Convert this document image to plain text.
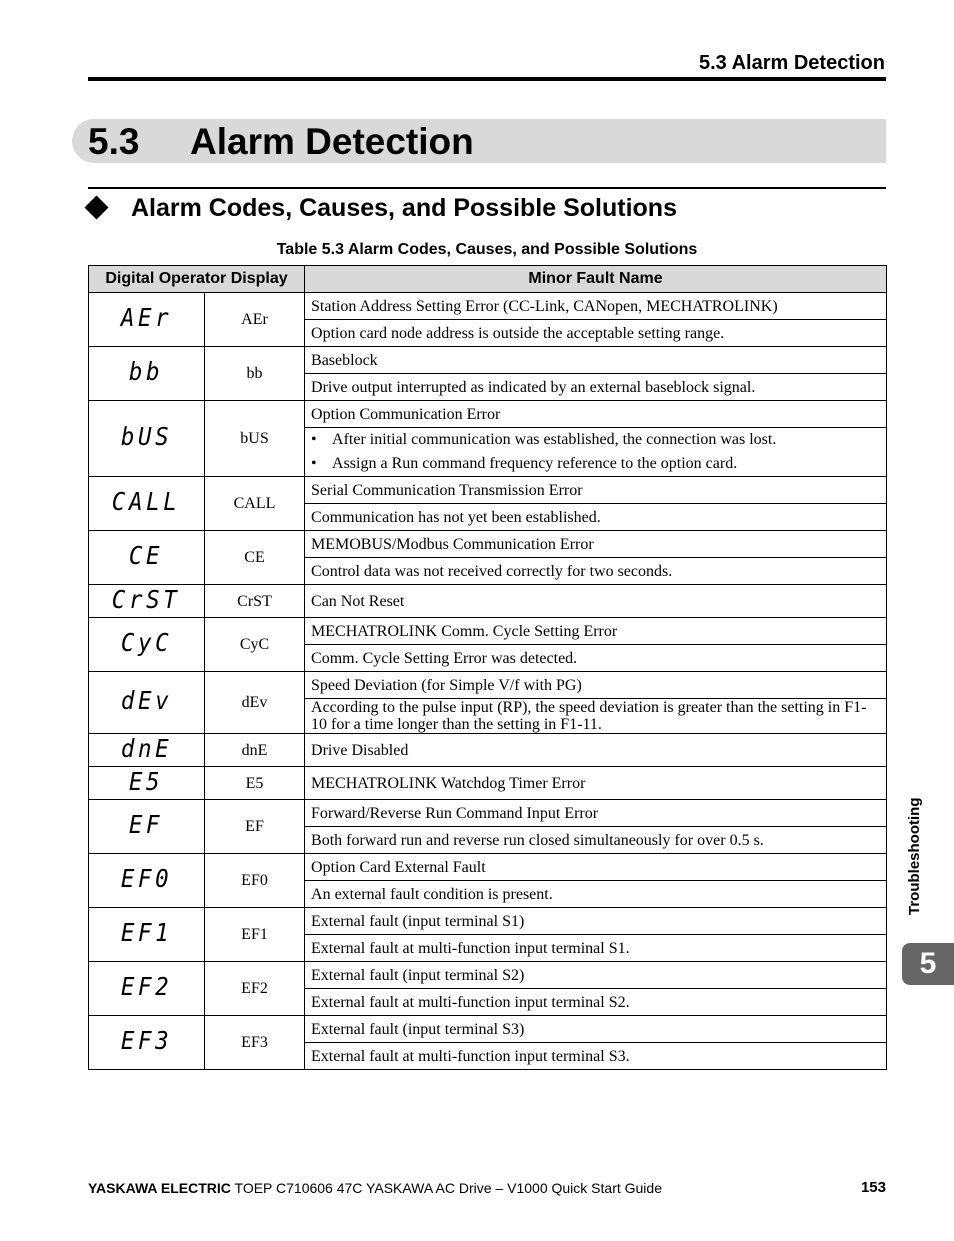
5.3 Alarm Detection
5.3 Alarm Detection
Alarm Codes, Causes, and Possible Solutions
Table 5.3 Alarm Codes, Causes, and Possible Solutions
Digital Operator Display		Minor Fault Name
AEr	AEr	Station Address Setting Error (CC-Link, CANopen, MECHATROLINK)
		Option card node address is outside the acceptable setting range.
bb	bb	Baseblock
		Drive output interrupted as indicated by an external baseblock signal.
bUS	bUS	Option Communication Error

		• After initial communication was established, the connection was lost.
• Assign a Run command frequency reference to the option card.

CALL	CALL	Serial Communication Transmission Error
		Communication has not yet been established.
CE	CE	MEMOBUS/Modbus Communication Error
		Control data was not received correctly for two seconds.
CrST	CrST	Can Not Reset
CyC	CyC	MECHATROLINK Comm. Cycle Setting Error
		Comm. Cycle Setting Error was detected.
dEv	dEv	Speed Deviation (for Simple V/f with PG)
		According to the pulse input (RP), the speed deviation is greater than the setting in F1-10 for a time longer than the setting in F1-11.
dnE	dnE	Drive Disabled
E5	E5	MECHATROLINK Watchdog Timer Error
EF	EF	Forward/Reverse Run Command Input Error
		Both forward run and reverse run closed simultaneously for over 0.5 s.
EF0	EF0	Option Card External Fault
		An external fault condition is present.
EF1	EF1	External fault (input terminal S1)
		External fault at multi-function input terminal S1.
EF2	EF2	External fault (input terminal S2)
		External fault at multi-function input terminal S2.
EF3	EF3	External fault (input terminal S3)
		External fault at multi-function input terminal S3.
Troubleshooting
5
YASKAWA ELECTRIC TOEP C710606 47C YASKAWA AC Drive – V1000 Quick Start Guide	153
